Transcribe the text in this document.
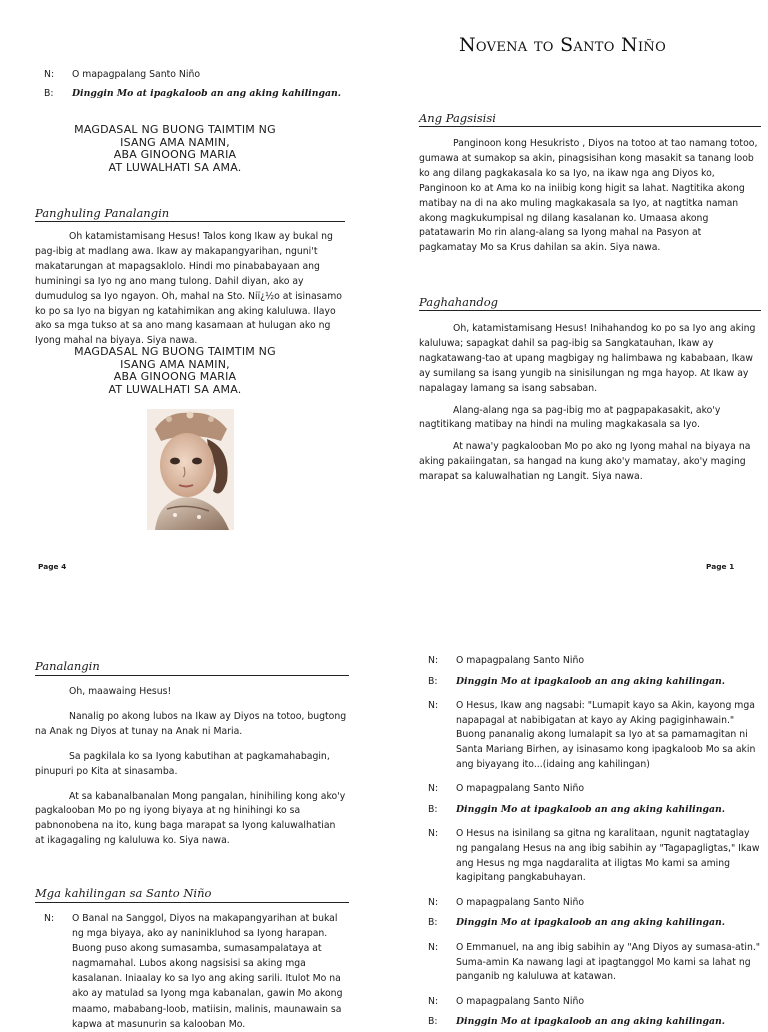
Novena to Santo Niño
N:	O mapagpalang Santo Niño
B:	Dinggin Mo at ipagkaloob an ang aking kahilingan.
MAGDASAL NG BUONG TAIMTIM NG
ISANG AMA NAMIN,
ABA GINOONG MARIA
AT LUWALHATI SA AMA.
Panghuling Panalangin

Oh katamistamisang Hesus! Talos kong Ikaw ay bukal ng pag-ibig at madlang awa. Ikaw ay makapangyarihan, nguni't makatarungan at mapagsaklolo. Hindi mo pinababayaan ang huminingi sa Iyo ng ano mang tulong. Dahil diyan, ako ay dumudulog sa Iyo ngayon. Oh, mahal na Sto. Niï¿½o at isinasamo ko po sa Iyo na bigyan ng katahimikan ang aking kaluluwa. Ilayo ako sa mga tukso at sa ano mang kasamaan at hulugan ako ng Iyong mahal na biyaya. Siya nawa.

MAGDASAL NG BUONG TAIMTIM NG
ISANG AMA NAMIN,
ABA GINOONG MARIA
AT LUWALHATI SA AMA.
Page 4
Ang Pagsisisi

Panginoon kong Hesukristo , Diyos na totoo at tao namang totoo, gumawa at sumakop sa akin, pinagsisihan kong masakit sa tanang loob ko ang dilang pagkakasala ko sa Iyo, na ikaw nga ang Diyos ko, Panginoon ko at Ama ko na iniibig kong higit sa lahat. Nagtitika akong matibay na di na ako muling magkakasala sa Iyo, at nagtitka naman akong magkukumpisal ng dilang kasalanan ko. Umaasa akong patatawarin Mo rin alang-alang sa Iyong mahal na Pasyon at pagkamatay Mo sa Krus dahilan sa akin. Siya nawa.

Paghahandog

Oh, katamistamisang Hesus! Inihahandog ko po sa Iyo ang aking kaluluwa; sapagkat dahil sa pag-ibig sa Sangkatauhan, Ikaw ay nagkatawang-tao at upang magbigay ng halimbawa ng kababaan, Ikaw ay sumilang sa isang yungib na sinisilungan ng mga hayop. At Ikaw ay napalagay lamang sa isang sabsaban.

Alang-alang nga sa pag-ibig mo at pagpapakasakit, ako'y nagtitikang matibay na hindi na muling magkakasala sa Iyo.

At nawa'y pagkalooban Mo po ako ng Iyong mahal na biyaya na aking pakaiingatan, sa hangad na kung ako'y mamatay, ako'y maging marapat sa kaluwalhatian ng Langit. Siya nawa.

Page 1
Panalangin

Oh, maawaing Hesus!

Nanalig po akong lubos na Ikaw ay Diyos na totoo, bugtong na Anak ng Diyos at tunay na Anak ni Maria.

Sa pagkilala ko sa Iyong kabutihan at pagkamahabagin, pinupuri po Kita at sinasamba.

At sa kabanalbanalan Mong pangalan, hinihiling kong ako'y pagkalooban Mo po ng iyong biyaya at ng hinihingi ko sa pabnonobena na ito, kung baga marapat sa Iyong kaluwalhatian at ikagagaling ng kaluluwa ko. Siya nawa.

Mga kahilingan sa Santo Niño
N:	O Banal na Sanggol, Diyos na makapangyarihan at bukal ng mga biyaya, ako ay naninikluhod sa Iyong harapan. Buong puso akong sumasamba, sumasampalataya at nagmamahal. Lubos akong nagsisisi sa aking mga kasalanan. Iniaalay ko sa Iyo ang aking sarili. Itulot Mo na ako ay matulad sa Iyong mga kabanalan, gawin Mo akong maamo, mababang-loob, matiisin, malinis, maunawain sa kapwa at masunurin sa kalooban Mo.
N:	O mapagpalang Santo Niño
B:	Dinggin Mo at ipagkaloob an ang aking kahilingan.
N:	O Hesus, Ikaw ang nagsabi: "Lumapit kayo sa Akin, kayong mga napapagal at nabibigatan at kayo ay Aking pagiginhawain." Buong pananalig akong lumalapit sa Iyo at sa pamamagitan ni Santa Mariang Birhen, ay isinasamo kong ipagkaloob Mo sa akin ang biyayang ito...(idaing ang kahilingan)
N:	O mapagpalang Santo Niño
B:	Dinggin Mo at ipagkaloob an ang aking kahilingan.
N:	O Hesus na isinilang sa gitna ng karalitaan, ngunit nagtataglay ng pangalang Hesus na ang ibig sabihin ay "Tagapagligtas," Ikaw ang Hesus ng mga nagdaralita at iligtas Mo kami sa aming kagipitang pangkabuhayan.
N:	O mapagpalang Santo Niño
B:	Dinggin Mo at ipagkaloob an ang aking kahilingan.
N:	O Emmanuel, na ang ibig sabihin ay "Ang Diyos ay sumasa-atin." Suma-amin Ka nawang lagi at ipagtanggol Mo kami sa lahat ng panganib ng kaluluwa at katawan.
N:	O mapagpalang Santo Niño
B:	Dinggin Mo at ipagkaloob an ang aking kahilingan.
